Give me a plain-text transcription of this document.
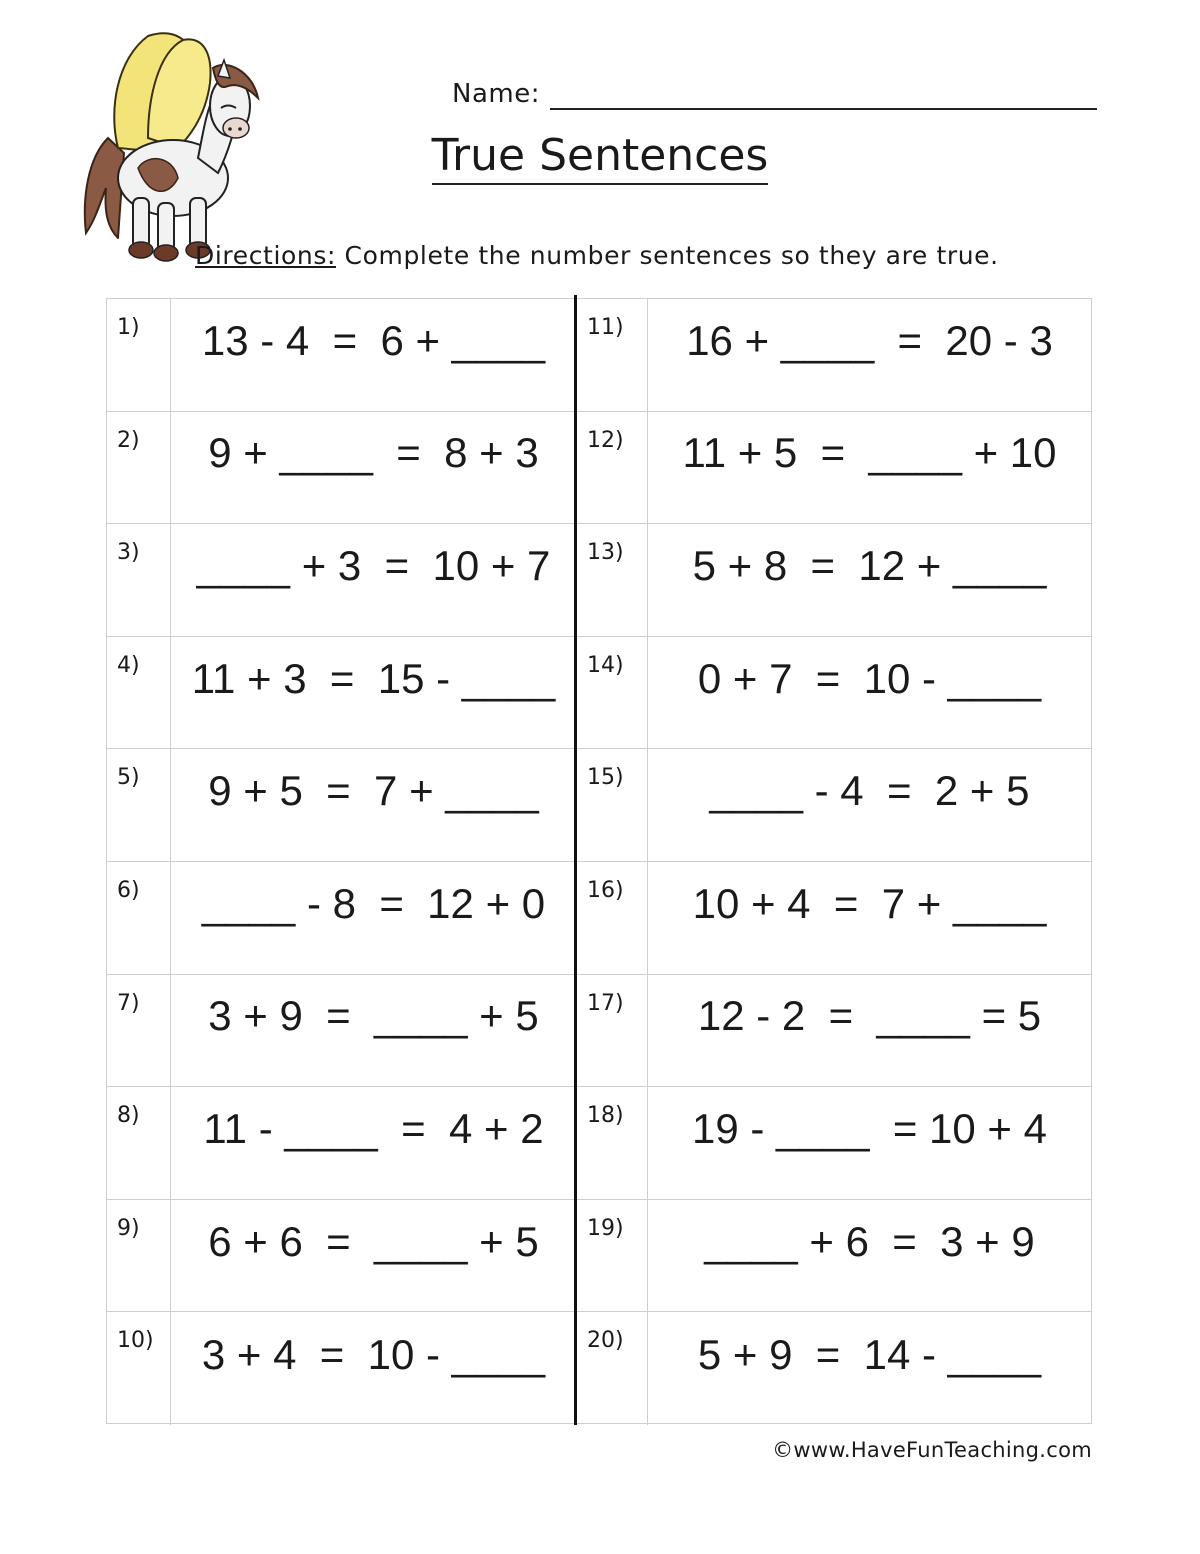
Name:
True Sentences
Directions: Complete the number sentences so they are true.
1)	13 - 4  =  6 + ____
2)	9 + ____  =  8 + 3
3)	____ + 3  =  10 + 7
4)	11 + 3  =  15 - ____
5)	9 + 5  =  7 + ____
6)	____ - 8  =  12 + 0
7)	3 + 9  =  ____ + 5
8)	11 - ____  =  4 + 2
9)	6 + 6  =  ____ + 5
10)	3 + 4  =  10 - ____
11)	16 + ____  =  20 - 3
12)	11 + 5  =  ____ + 10
13)	5 + 8  =  12 + ____
14)	0 + 7  =  10 - ____
15)	____ - 4  =  2 + 5
16)	10 + 4  =  7 + ____
17)	12 - 2  =  ____ = 5
18)	19 - ____  = 10 + 4
19)	____ + 6  =  3 + 9
20)	5 + 9  =  14 - ____
©www.HaveFunTeaching.com
